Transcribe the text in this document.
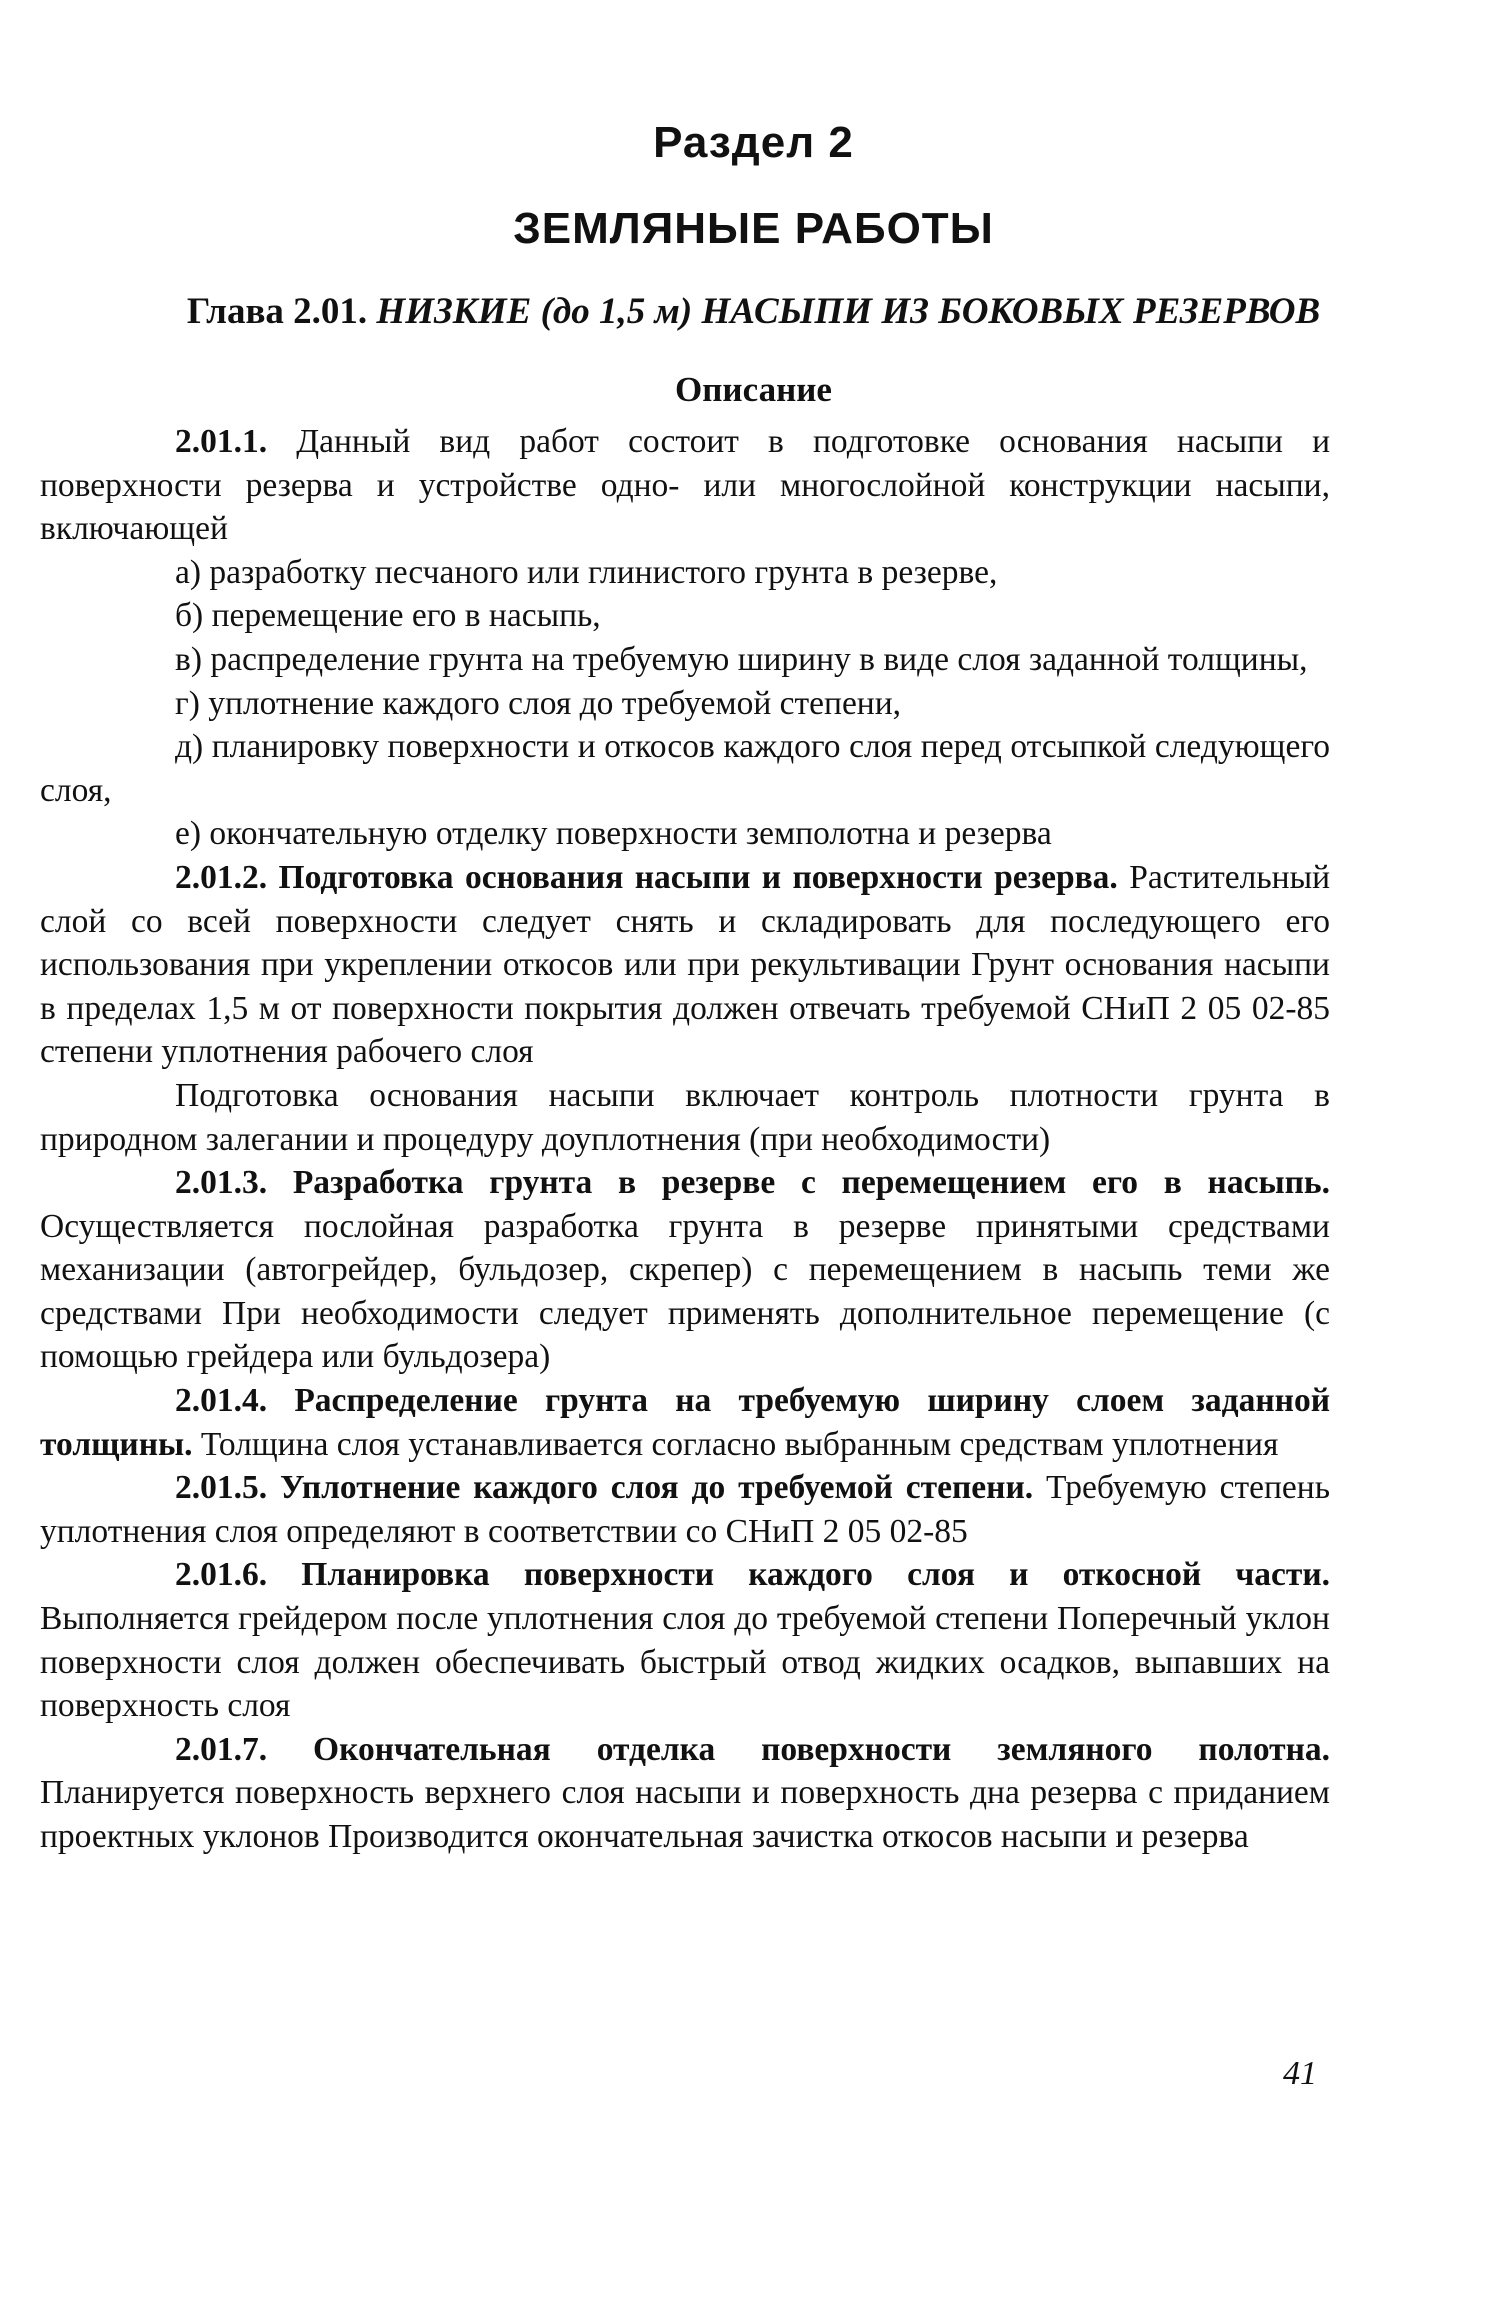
Раздел 2
ЗЕМЛЯНЫЕ РАБОТЫ
Глава 2.01. НИЗКИЕ (до 1,5 м) НАСЫПИ ИЗ БОКОВЫХ РЕЗЕРВОВ
Описание

2.01.1. Данный вид работ состоит в подготовке основания насыпи и поверхности резерва и устройстве одно- или многослойной конструкции насыпи, включающей

а) разработку песчаного или глинистого грунта в резерве,

б) перемещение его в насыпь,

в) распределение грунта на требуемую ширину в виде слоя заданной толщины,

г) уплотнение каждого слоя до требуемой степени,

д) планировку поверхности и откосов каждого слоя перед отсыпкой следующего слоя,

е) окончательную отделку поверхности земполотна и резерва

2.01.2. Подготовка основания насыпи и поверхности резерва. Растительный слой со всей поверхности следует снять и складировать для последующего его использования при укреплении откосов или при рекультивации Грунт основания насыпи в пределах 1,5 м от поверхности покрытия должен отвечать требуемой СНиП 2 05 02-85 степени уплотнения рабочего слоя

Подготовка основания насыпи включает контроль плотности грунта в природном залегании и процедуру доуплотнения (при необходимости)

2.01.3. Разработка грунта в резерве с перемещением его в насыпь. Осуществляется послойная разработка грунта в резерве принятыми средствами механизации (автогрейдер, бульдозер, скрепер) с перемещением в насыпь теми же средствами При необходимости следует применять дополнительное перемещение (с помощью грейдера или бульдозера)

2.01.4. Распределение грунта на требуемую ширину слоем заданной толщины. Толщина слоя устанавливается согласно выбранным средствам уплотнения

2.01.5. Уплотнение каждого слоя до требуемой степени. Требуемую степень уплотнения слоя определяют в соответствии со СНиП 2 05 02-85

2.01.6. Планировка поверхности каждого слоя и откосной части. Выполняется грейдером после уплотнения слоя до требуемой степени Поперечный уклон поверхности слоя должен обеспечивать быстрый отвод жидких осадков, выпавших на поверхность слоя

2.01.7. Окончательная отделка поверхности земляного полотна. Планируется поверхность верхнего слоя насыпи и поверхность дна резерва с приданием проектных уклонов Производится окончательная зачистка откосов насыпи и резерва

41
